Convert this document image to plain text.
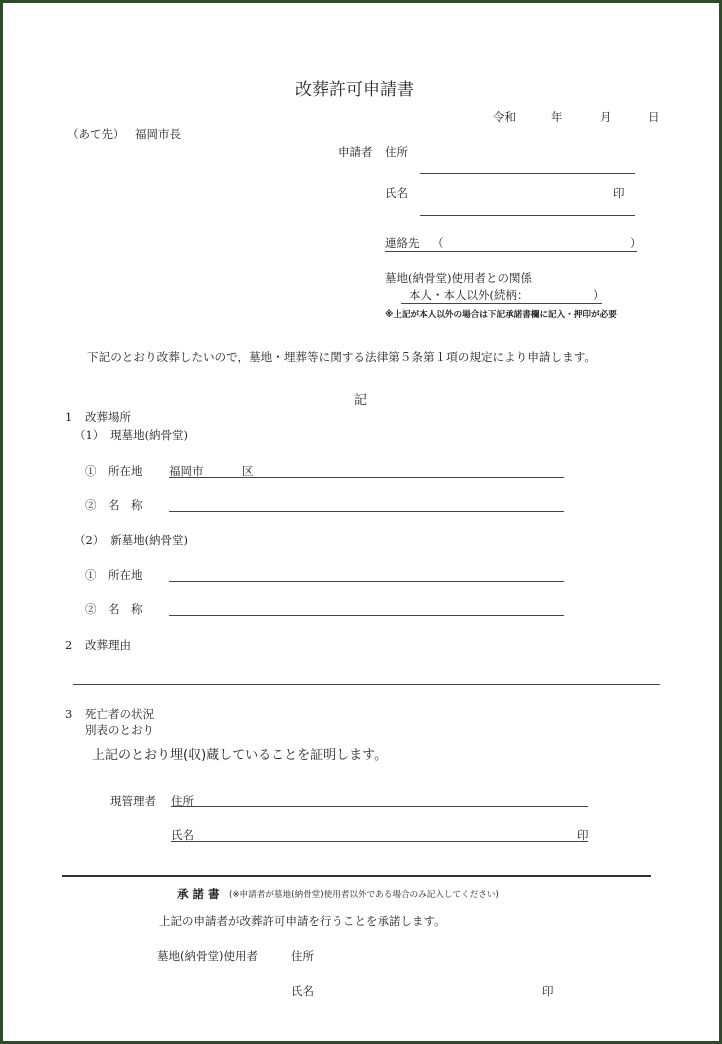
改葬許可申請書
令和	年	月	日
（あて先） 福岡市長
申請者 住所
氏名	印
連絡先 （	）
墓地(納骨堂)使用者との関係
本人・本人以外(続柄：	）
※上記が本人以外の場合は下記承諾書欄に記入・押印が必要
下記のとおり改葬したいので，墓地・埋葬等に関する法律第５条第１項の規定により申請します。
記
1 改葬場所
（1）　現墓地(納骨堂)
①　所在地 福岡市	区
②　名　称
（2）　新墓地(納骨堂)
①　所在地
②　名　称
2 改葬理由
3 死亡者の状況
別表のとおり
上記のとおり埋(収)蔵していることを証明します。
現管理者 住所
氏名	印
承 諾 書 (※申請者が墓地(納骨堂)使用者以外である場合のみ記入してください)
上記の申請者が改葬許可申請を行うことを承諾します。
墓地(納骨堂)使用者	住所
氏名	印
